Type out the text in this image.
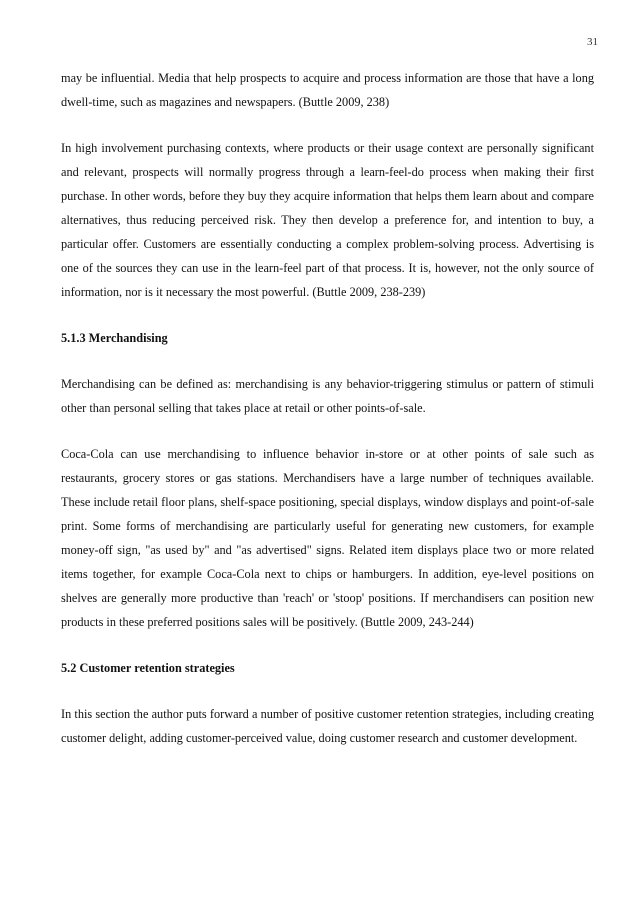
31

may be influential. Media that help prospects to acquire and process information are those that have a long dwell-time, such as magazines and newspapers. (Buttle 2009, 238)

In high involvement purchasing contexts, where products or their usage context are personally significant and relevant, prospects will normally progress through a learn-feel-do process when making their first purchase. In other words, before they buy they acquire information that helps them learn about and compare alternatives, thus reducing perceived risk. They then develop a preference for, and intention to buy, a particular offer. Customers are essentially conducting a complex problem-solving process. Advertising is one of the sources they can use in the learn-feel part of that process. It is, however, not the only source of information, nor is it necessary the most powerful. (Buttle 2009, 238-239)

5.1.3 Merchandising

Merchandising can be defined as: merchandising is any behavior-triggering stimulus or pattern of stimuli other than personal selling that takes place at retail or other points-of-sale.

Coca-Cola can use merchandising to influence behavior in-store or at other points of sale such as restaurants, grocery stores or gas stations. Merchandisers have a large number of techniques available. These include retail floor plans, shelf-space positioning, special displays, window displays and point-of-sale print. Some forms of merchandising are particularly useful for generating new customers, for example money-off sign, "as used by" and "as advertised" signs. Related item displays place two or more related items together, for example Coca-Cola next to chips or hamburgers. In addition, eye-level positions on shelves are generally more productive than 'reach' or 'stoop' positions. If merchandisers can position new products in these preferred positions sales will be positively. (Buttle 2009, 243-244)

5.2 Customer retention strategies

In this section the author puts forward a number of positive customer retention strategies, including creating customer delight, adding customer-perceived value, doing customer research and customer development.
